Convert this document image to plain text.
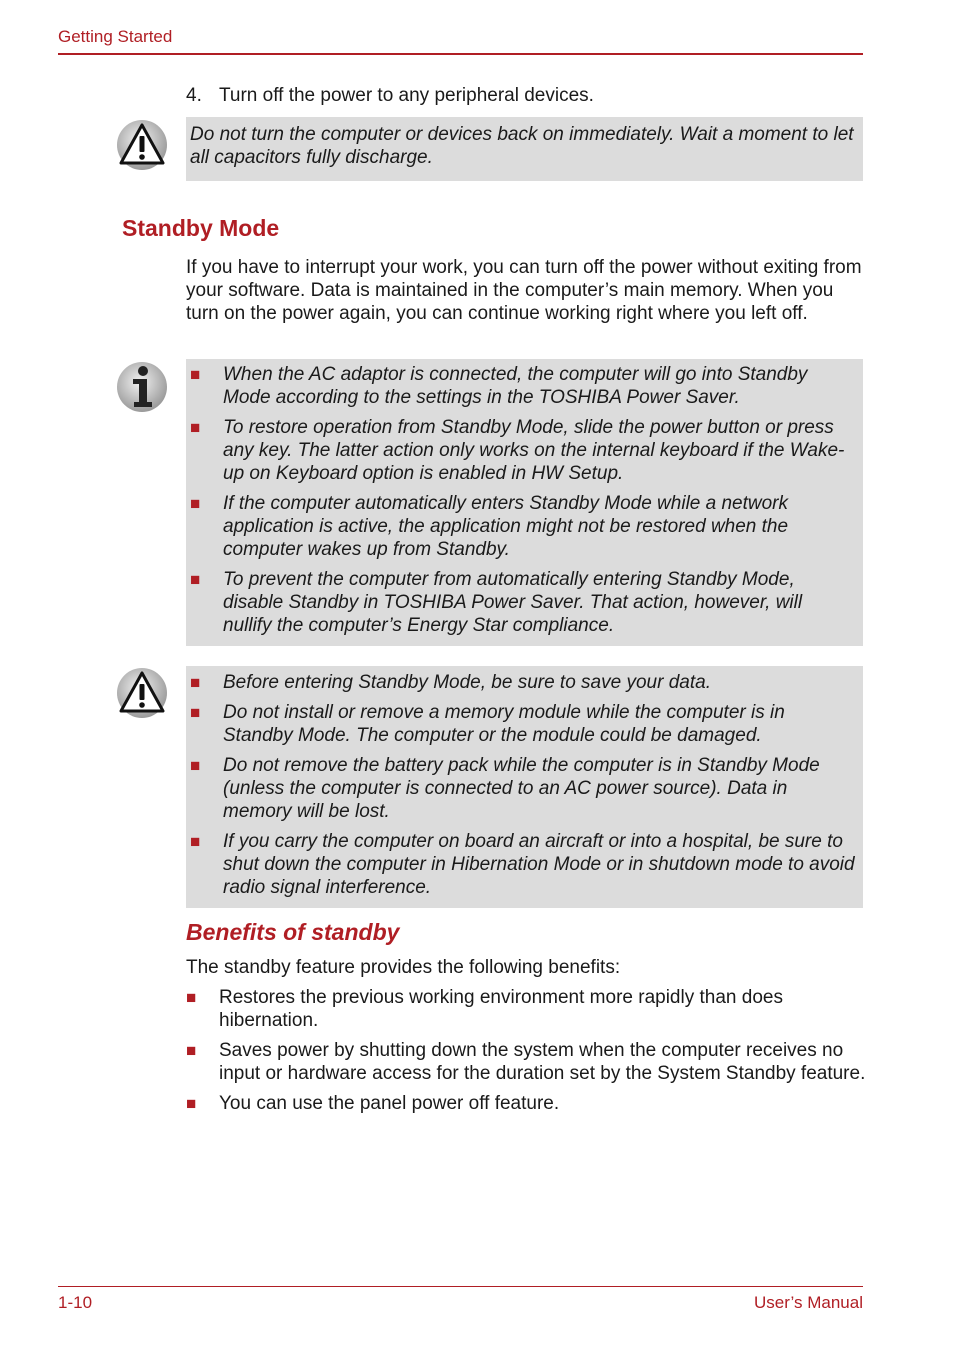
Getting Started
4. Turn off the power to any peripheral devices.
Do not turn the computer or devices back on immediately. Wait a moment to let all capacitors fully discharge.
Standby Mode
If you have to interrupt your work, you can turn off the power without exiting from your software. Data is maintained in the computer’s main memory. When you turn on the power again, you can continue working right where you left off.
■	When the AC adaptor is connected, the computer will go into Standby Mode according to the settings in the TOSHIBA Power Saver.
■	To restore operation from Standby Mode, slide the power button or press any key. The latter action only works on the internal keyboard if the Wake-up on Keyboard option is enabled in HW Setup.
■	If the computer automatically enters Standby Mode while a network application is active, the application might not be restored when the computer wakes up from Standby.
■	To prevent the computer from automatically entering Standby Mode, disable Standby in TOSHIBA Power Saver. That action, however, will nullify the computer’s Energy Star compliance.
■	Before entering Standby Mode, be sure to save your data.
■	Do not install or remove a memory module while the computer is in Standby Mode. The computer or the module could be damaged.
■	Do not remove the battery pack while the computer is in Standby Mode (unless the computer is connected to an AC power source). Data in memory will be lost.
■	If you carry the computer on board an aircraft or into a hospital, be sure to shut down the computer in Hibernation Mode or in shutdown mode to avoid radio signal interference.
Benefits of standby
The standby feature provides the following benefits:
■	Restores the previous working environment more rapidly than does hibernation.
■	Saves power by shutting down the system when the computer receives no input or hardware access for the duration set by the System Standby feature.
■	You can use the panel power off feature.
1-10	User’s Manual
